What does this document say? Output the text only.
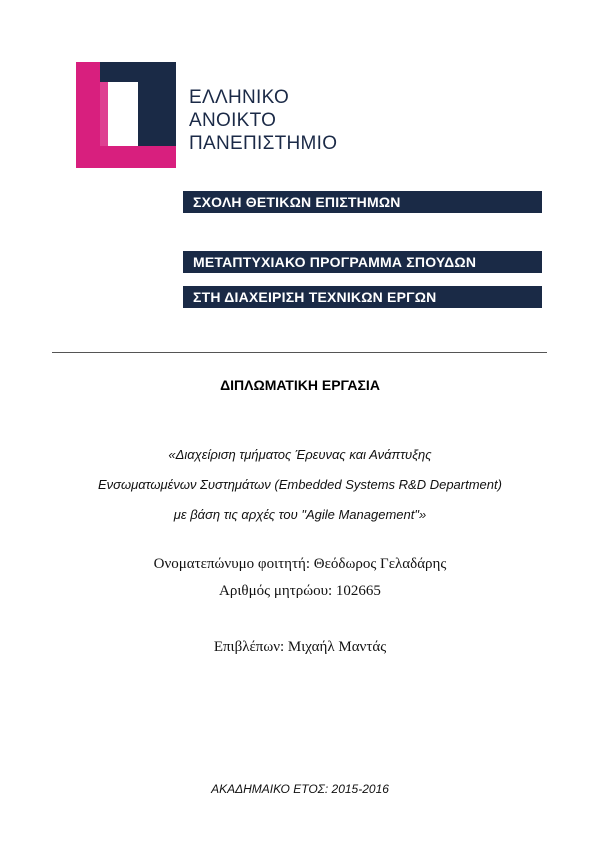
ΕΛΛΗΝΙΚΟ
ΑΝΟΙΚΤΟ
ΠΑΝΕΠΙΣΤΗΜΙΟ
ΣΧΟΛΗ ΘΕΤΙΚΩΝ ΕΠΙΣΤΗΜΩΝ
ΜΕΤΑΠΤΥΧΙΑΚΟ ΠΡΟΓΡΑΜΜΑ ΣΠΟΥΔΩΝ
ΣΤΗ ΔΙΑΧΕΙΡΙΣΗ ΤΕΧΝΙΚΩΝ ΕΡΓΩΝ
ΔΙΠΛΩΜΑΤΙΚΗ ΕΡΓΑΣΙΑ
«Διαχείριση τμήματος Έρευνας και Ανάπτυξης
Ενσωματωμένων Συστημάτων (Embedded Systems R&D Department)
με βάση τις αρχές του "Agile Management"»
Ονοματεπώνυμο φοιτητή: Θεόδωρος Γελαδάρης
Αριθμός μητρώου: 102665
Επιβλέπων: Μιχαήλ Μαντάς
ΑΚΑΔΗΜΑΙΚΟ ΕΤΟΣ: 2015-2016
